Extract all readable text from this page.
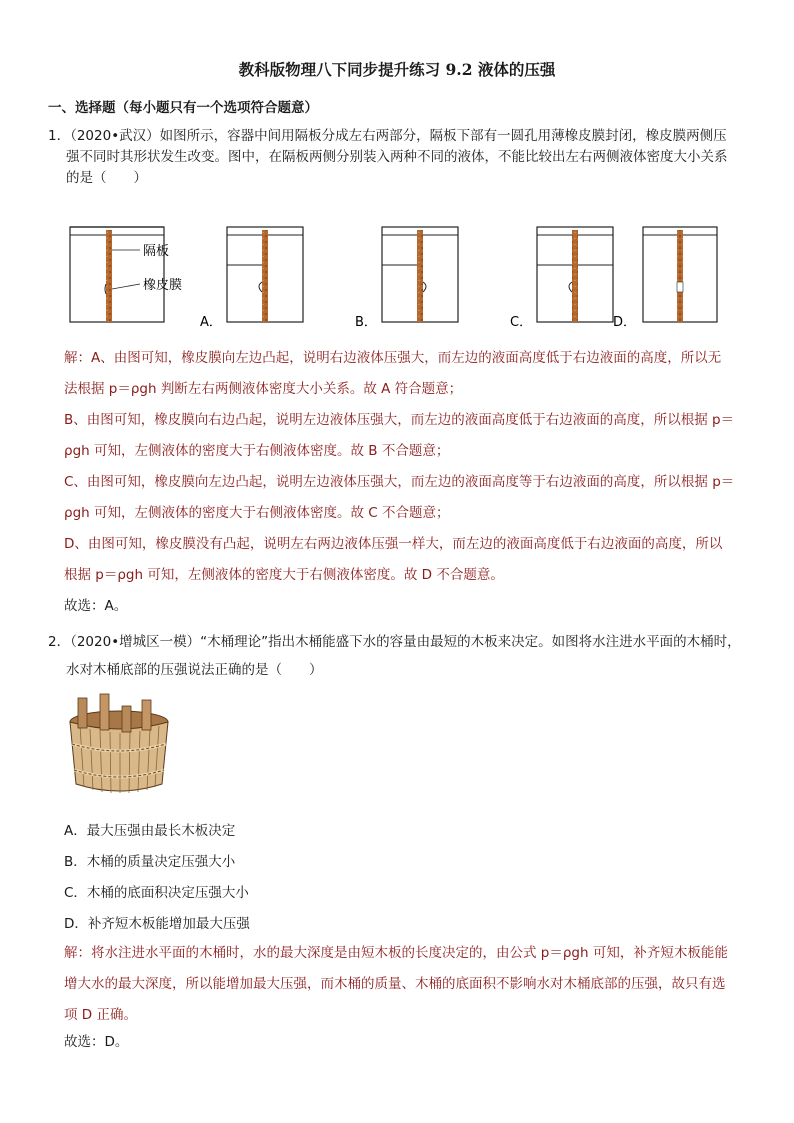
教科版物理八下同步提升练习 9.2 液体的压强
一、选择题（每小题只有一个选项符合题意）
1．（2020•武汉）如图所示，容器中间用隔板分成左右两部分，隔板下部有一圆孔用薄橡皮膜封闭，橡皮膜两侧压
强不同时其形状发生改变。图中，在隔板两侧分别装入两种不同的液体，不能比较出左右两侧液体密度大小关系
的是（　　）
隔板
橡皮膜
A．	B．	C．	D．
解：A、由图可知，橡皮膜向左边凸起，说明右边液体压强大，而左边的液面高度低于右边液面的高度，所以无
法根据 p＝ρgh 判断左右两侧液体密度大小关系。故 A 符合题意；
B、由图可知，橡皮膜向右边凸起，说明左边液体压强大，而左边的液面高度低于右边液面的高度，所以根据 p＝
ρgh 可知，左侧液体的密度大于右侧液体密度。故 B 不合题意；
C、由图可知，橡皮膜向左边凸起，说明左边液体压强大，而左边的液面高度等于右边液面的高度，所以根据 p＝
ρgh 可知，左侧液体的密度大于右侧液体密度。故 C 不合题意；
D、由图可知，橡皮膜没有凸起，说明左右两边液体压强一样大，而左边的液面高度低于右边液面的高度，所以
根据 p＝ρgh 可知，左侧液体的密度大于右侧液体密度。故 D 不合题意。
故选：A。
2．（2020•增城区一模）“木桶理论”指出木桶能盛下水的容量由最短的木板来决定。如图将水注进水平面的木桶时，
水对木桶底部的压强说法正确的是（　　）
A．最大压强由最长木板决定
B．木桶的质量决定压强大小
C．木桶的底面积决定压强大小
D．补齐短木板能增加最大压强
解：将水注进水平面的木桶时，水的最大深度是由短木板的长度决定的，由公式 p＝ρgh 可知，补齐短木板能能
增大水的最大深度，所以能增加最大压强，而木桶的质量、木桶的底面积不影响水对木桶底部的压强，故只有选
项 D 正确。
故选：D。
